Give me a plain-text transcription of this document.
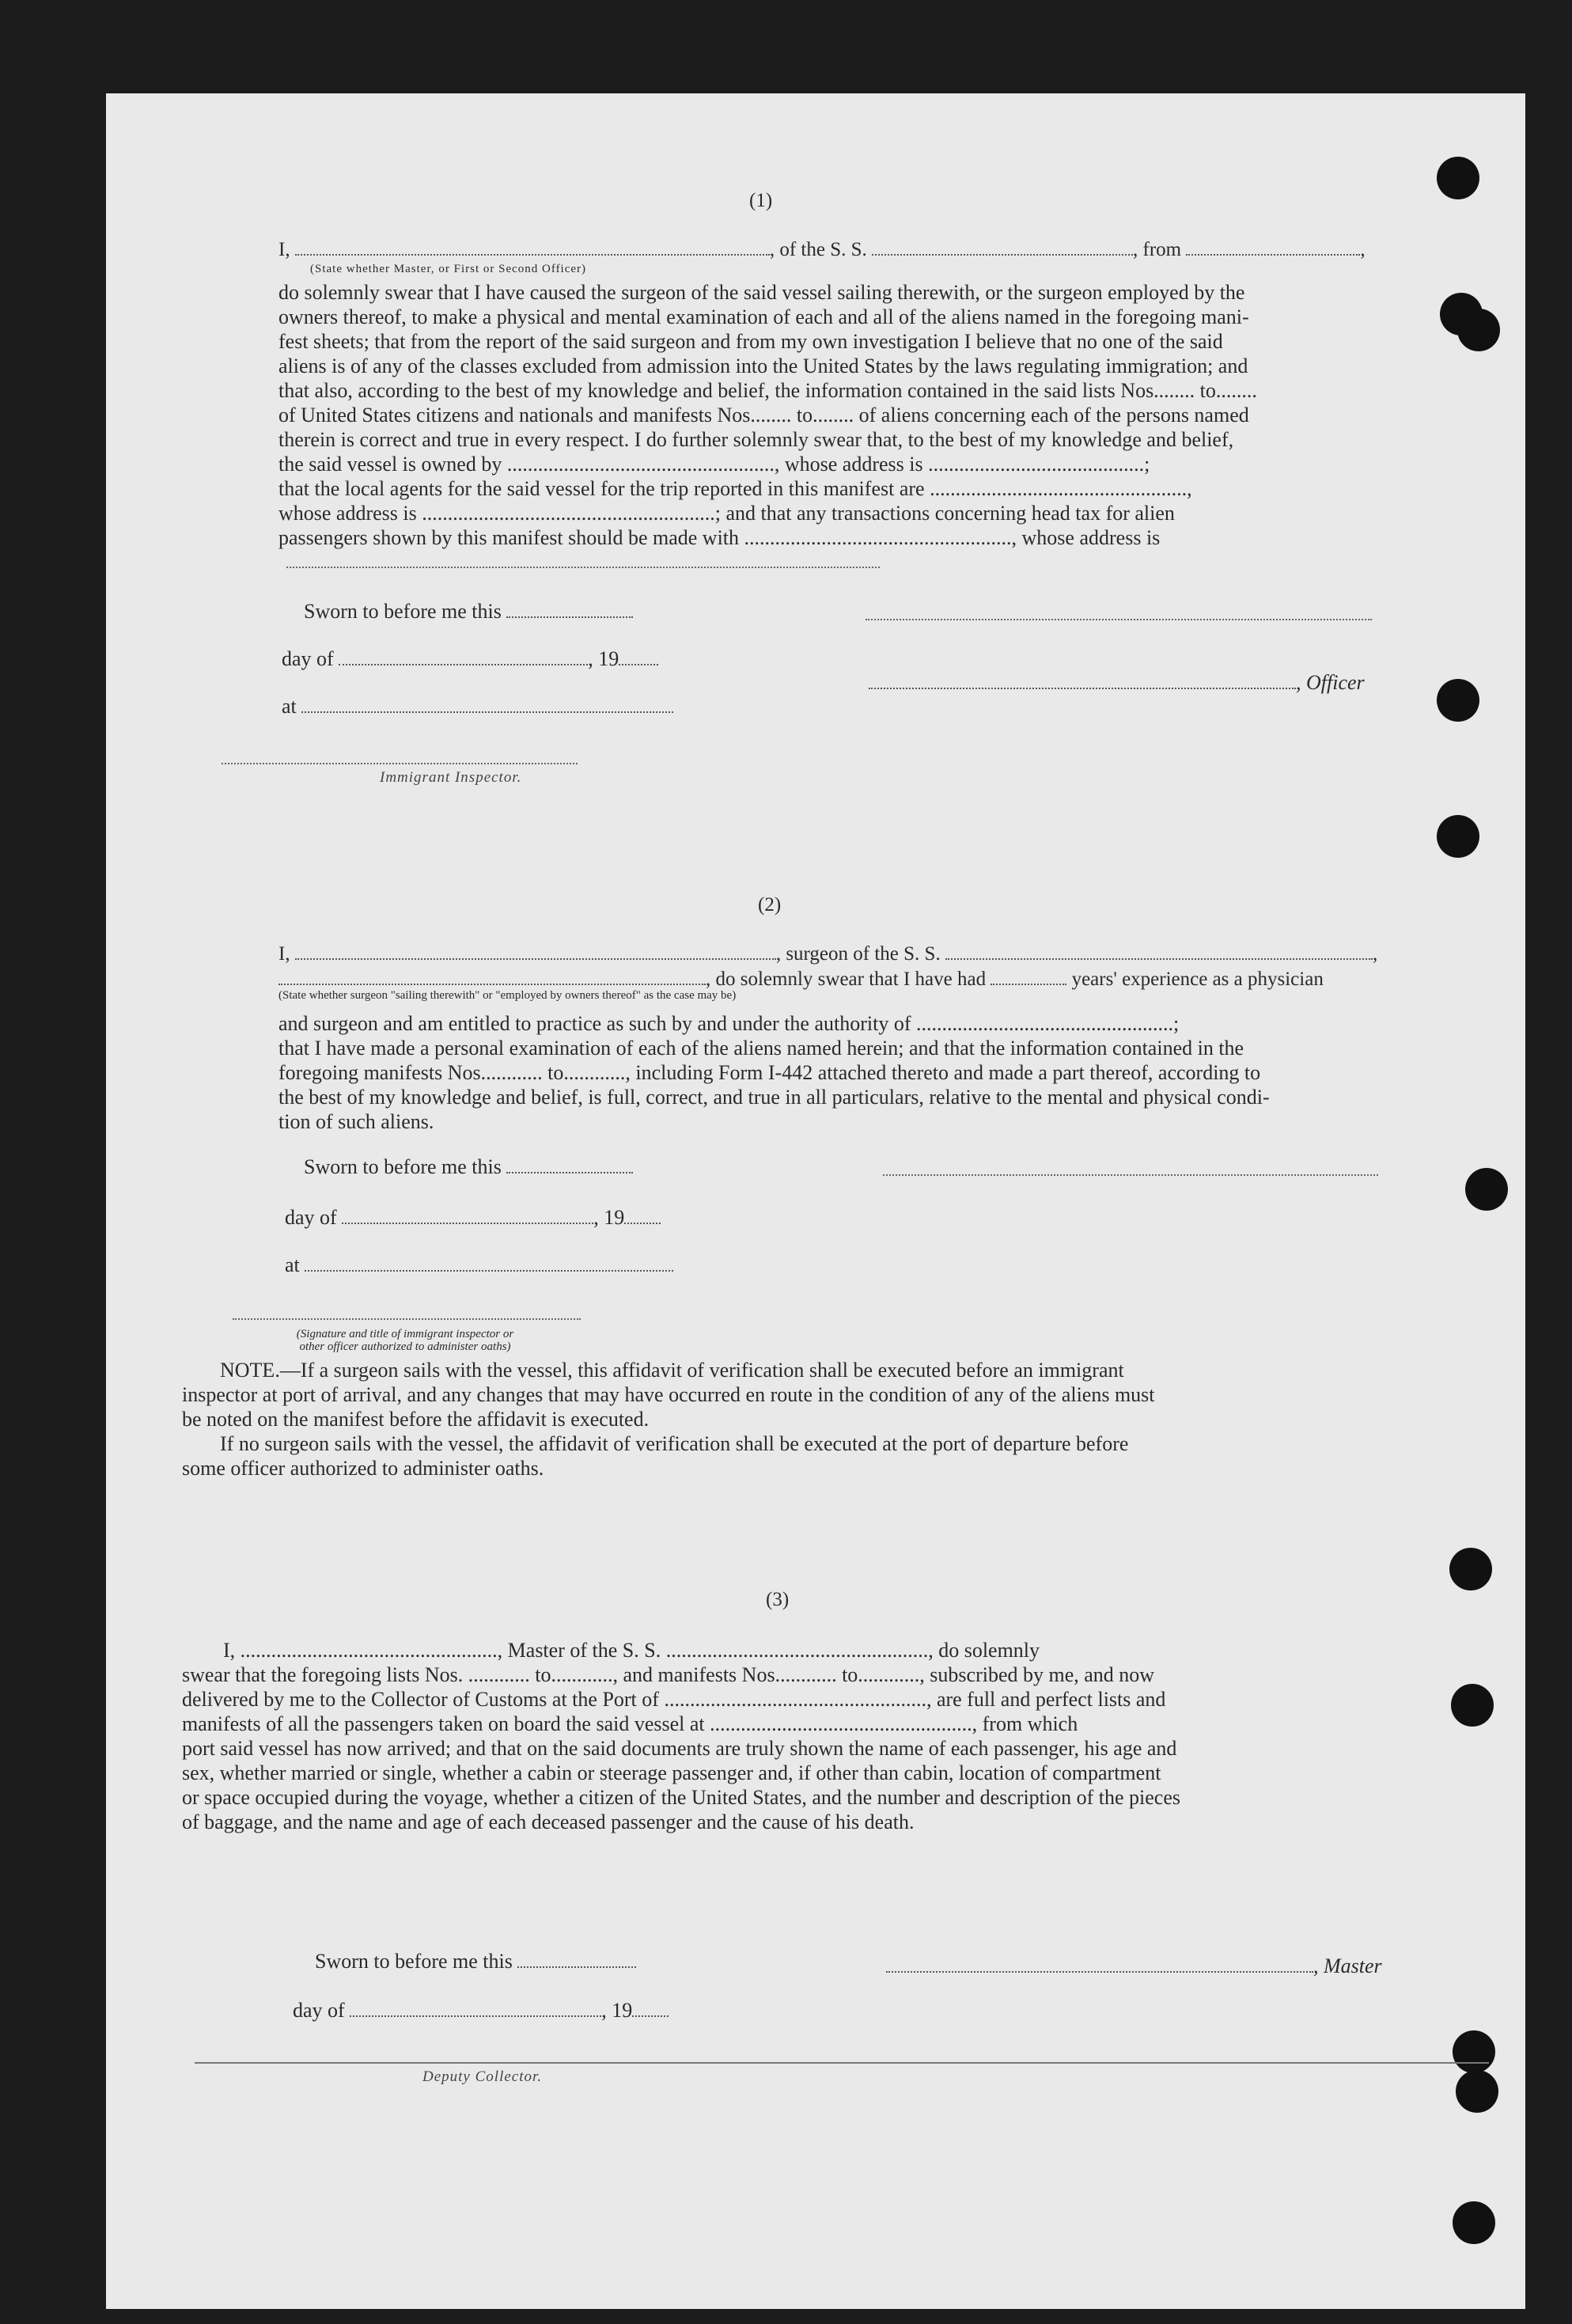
(1)
I,	, of the S. S.	, from	,
(State whether Master, or First or Second Officer)
do solemnly swear that I have caused the surgeon of the said vessel sailing therewith, or the surgeon employed by the
owners thereof, to make a physical and mental examination of each and all of the aliens named in the foregoing mani-
fest sheets; that from the report of the said surgeon and from my own investigation I believe that no one of the said
aliens is of any of the classes excluded from admission into the United States by the laws regulating immigration; and
that also, according to the best of my knowledge and belief, the information contained in the said lists Nos........ to........
of United States citizens and nationals and manifests Nos........ to........ of aliens concerning each of the persons named
therein is correct and true in every respect. I do further solemnly swear that, to the best of my knowledge and belief,
the said vessel is owned by ...................................................., whose address is ..........................................;
that the local agents for the said vessel for the trip reported in this manifest are ..................................................,
whose address is .........................................................; and that any transactions concerning head tax for alien
passengers shown by this manifest should be made with ...................................................., whose address is
Sworn to before me this
day of	, 19
, Officer
at
Immigrant Inspector.
(2)
I,	, surgeon of the S. S.	,
, do solemnly swear that I have had	years' experience as a physician
(State whether surgeon "sailing therewith" or "employed by owners thereof" as the case may be)
and surgeon and am entitled to practice as such by and under the authority of ..................................................;
that I have made a personal examination of each of the aliens named herein; and that the information contained in the
foregoing manifests Nos............ to............, including Form I-442 attached thereto and made a part thereof, according to
the best of my knowledge and belief, is full, correct, and true in all particulars, relative to the mental and physical condi-
tion of such aliens.
Sworn to before me this
day of	, 19
at
(Signature and title of immigrant inspector or
other officer authorized to administer oaths)
NOTE.—If a surgeon sails with the vessel, this affidavit of verification shall be executed before an immigrant
inspector at port of arrival, and any changes that may have occurred en route in the condition of any of the aliens must
be noted on the manifest before the affidavit is executed.
If no surgeon sails with the vessel, the affidavit of verification shall be executed at the port of departure before
some officer authorized to administer oaths.
(3)
I, .................................................., Master of the S. S. ..................................................., do solemnly
swear that the foregoing lists Nos. ............ to............, and manifests Nos............ to............, subscribed by me, and now
delivered by me to the Collector of Customs at the Port of ..................................................., are full and perfect lists and
manifests of all the passengers taken on board the said vessel at ..................................................., from which
port said vessel has now arrived; and that on the said documents are truly shown the name of each passenger, his age and
sex, whether married or single, whether a cabin or steerage passenger and, if other than cabin, location of compartment
or space occupied during the voyage, whether a citizen of the United States, and the number and description of the pieces
of baggage, and the name and age of each deceased passenger and the cause of his death.
Sworn to before me this	, Master
day of	, 19
Deputy Collector.
